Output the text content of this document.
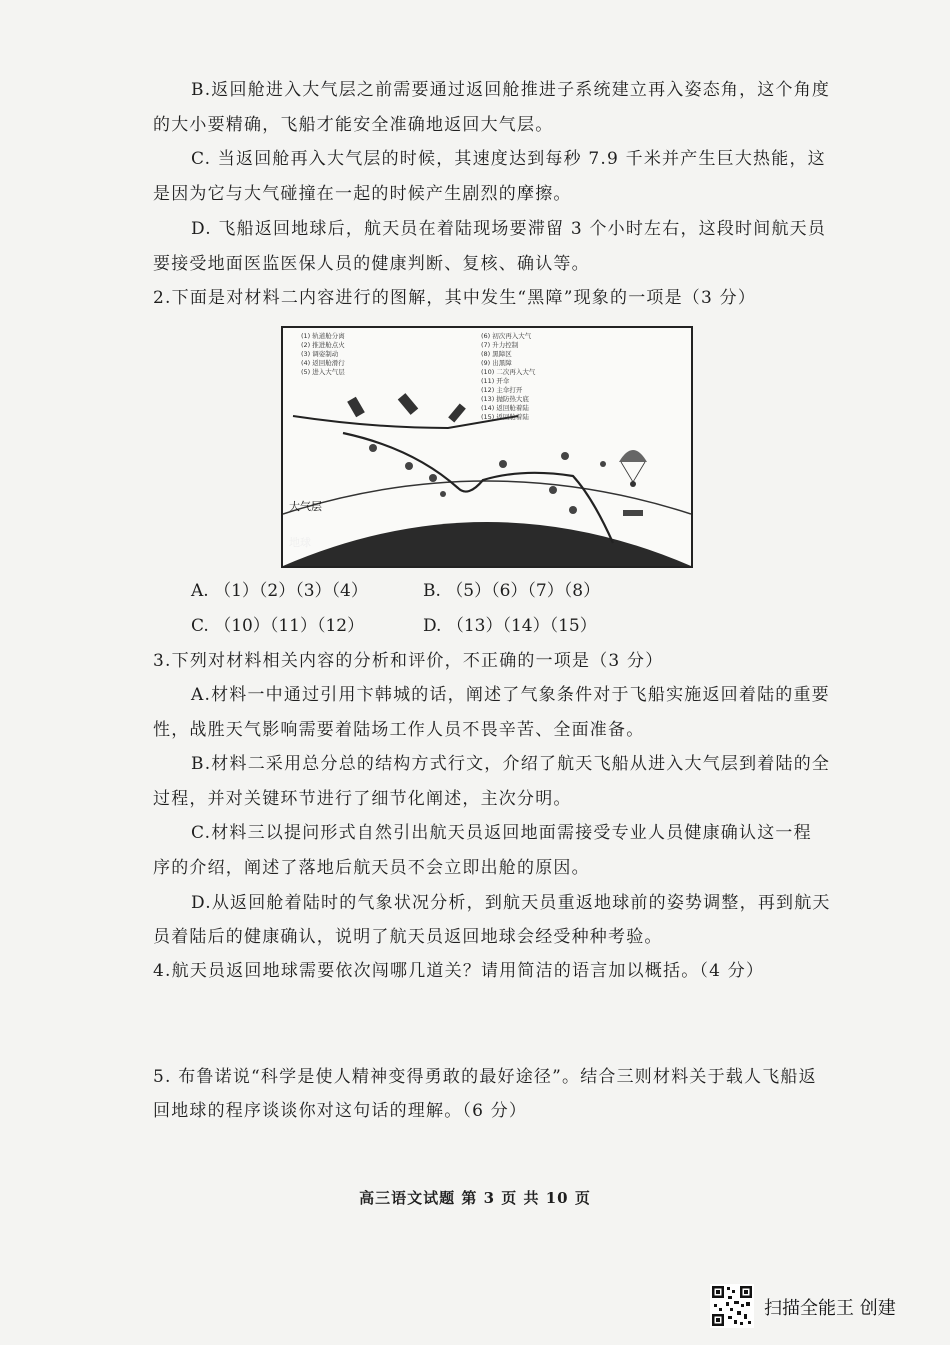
B.返回舱进入大气层之前需要通过返回舱推进子系统建立再入姿态角，这个角度
的大小要精确，飞船才能安全准确地返回大气层。
C. 当返回舱再入大气层的时候，其速度达到每秒 7.9 千米并产生巨大热能，这
是因为它与大气碰撞在一起的时候产生剧烈的摩擦。
D. 飞船返回地球后，航天员在着陆现场要滞留 3 个小时左右，这段时间航天员
要接受地面医监医保人员的健康判断、复核、确认等。
2.下面是对材料二内容进行的图解，其中发生“黑障”现象的一项是（3 分）
大气层
地球
(1) 轨道舱分离
(2) 推进舱点火
(3) 调姿制动
(4) 返回舱滑行
(5) 进入大气层
(6) 初次再入大气
(7) 升力控制
(8) 黑障区
(9) 出黑障
(10) 二次再入大气
(11) 开伞
(12) 主伞打开
(13) 抛防热大底
(14) 返回舱着陆
(15) 返回舱着陆
A. （1）（2）（3）（4）	B. （5）（6）（7）（8）
C. （10）（11）（12）	D. （13）（14）（15）
3.下列对材料相关内容的分析和评价，不正确的一项是（3 分）
A.材料一中通过引用卞韩城的话，阐述了气象条件对于飞船实施返回着陆的重要
性，战胜天气影响需要着陆场工作人员不畏辛苦、全面准备。
B.材料二采用总分总的结构方式行文，介绍了航天飞船从进入大气层到着陆的全
过程，并对关键环节进行了细节化阐述，主次分明。
C.材料三以提问形式自然引出航天员返回地面需接受专业人员健康确认这一程
序的介绍，阐述了落地后航天员不会立即出舱的原因。
D.从返回舱着陆时的气象状况分析，到航天员重返地球前的姿势调整，再到航天
员着陆后的健康确认，说明了航天员返回地球会经受种种考验。
4.航天员返回地球需要依次闯哪几道关？请用简洁的语言加以概括。（4 分）
5. 布鲁诺说“科学是使人精神变得勇敢的最好途径”。结合三则材料关于载人飞船返
回地球的程序谈谈你对这句话的理解。（6 分）
高三语文试题 第 3 页 共 10 页
扫描全能王 创建
